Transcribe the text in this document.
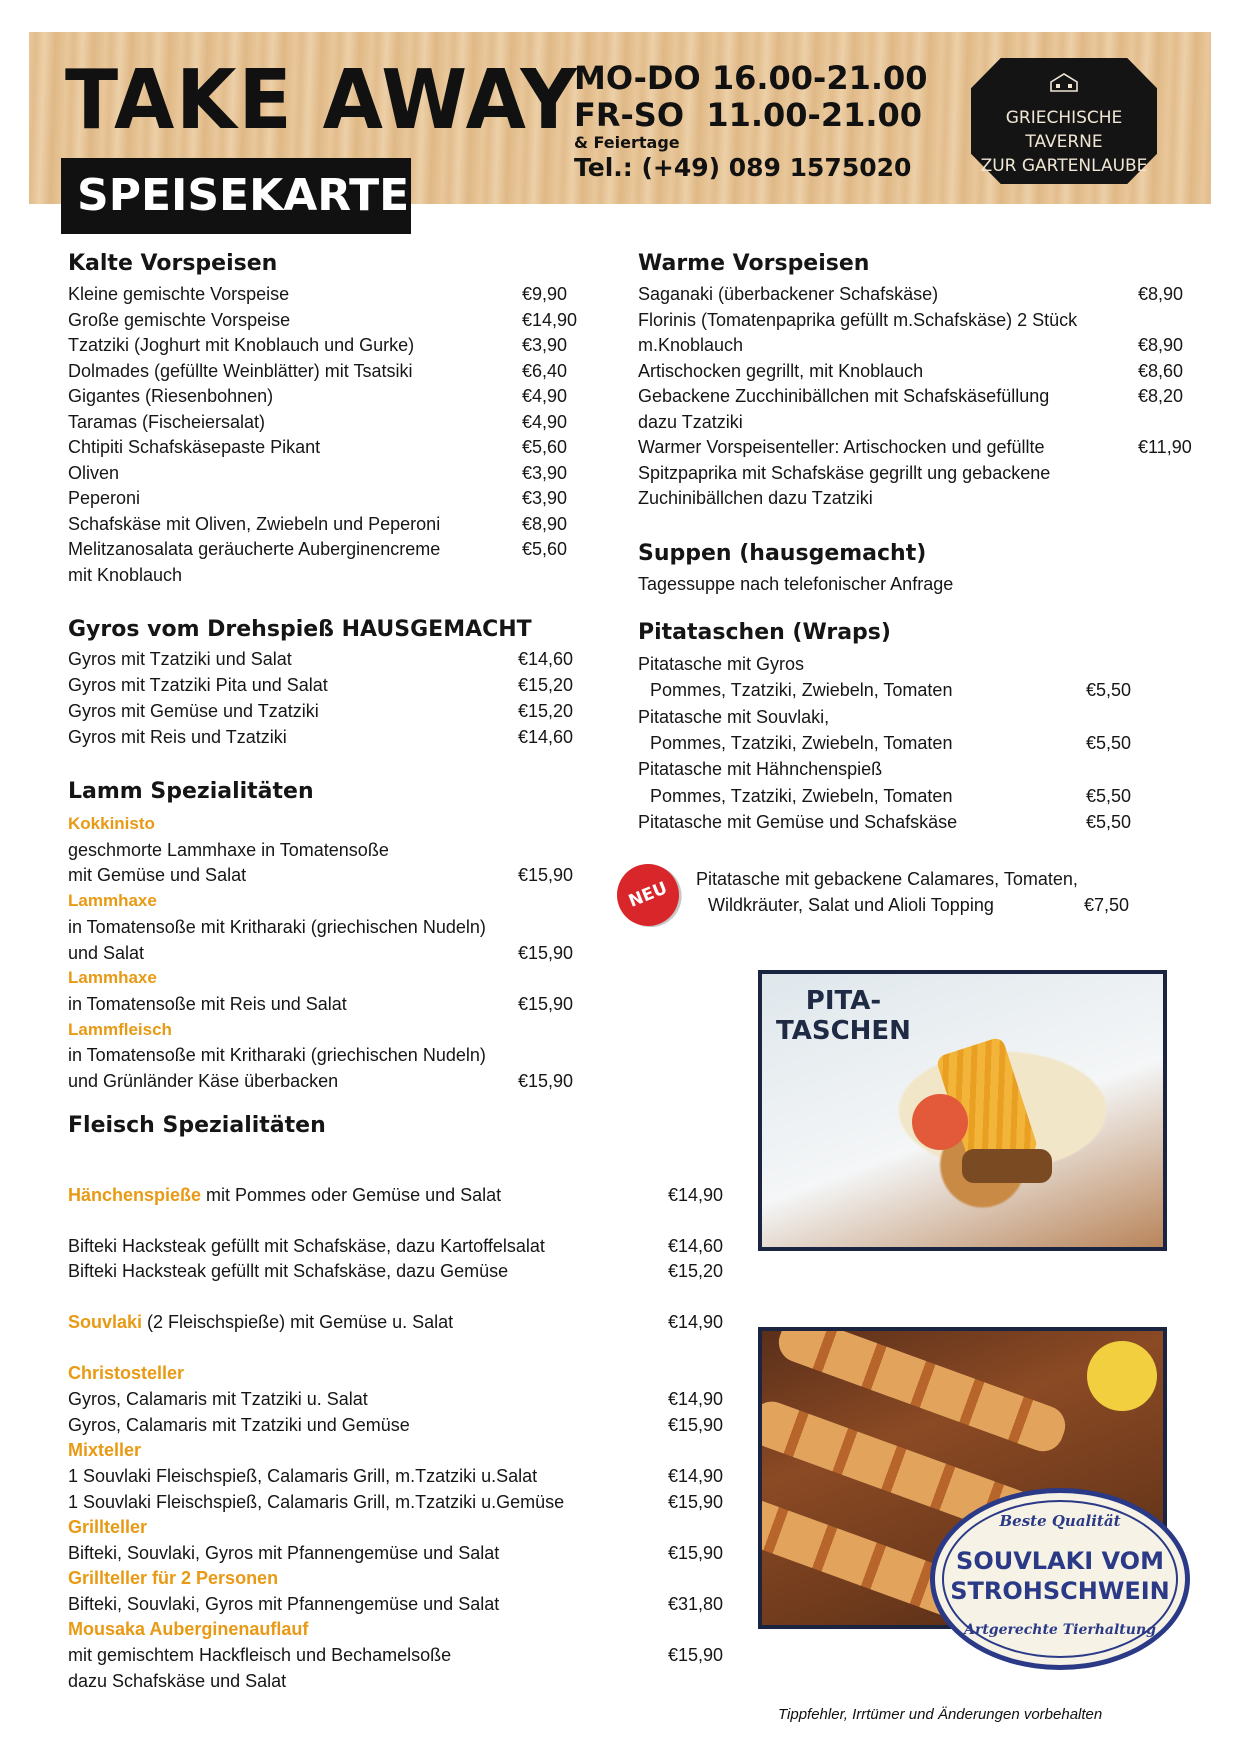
TAKE AWAY
SPEISEKARTE
MO-DO 16.00-21.00
FR-SO  11.00-21.00
& Feiertage
Tel.: (+49) 089 1575020
GRIECHISCHE TAVERNE
ZUR GARTENLAUBE
Kalte Vorspeisen
Kleine gemischte Vorspeise	€9,90
Große gemischte Vorspeise	€14,90
Tzatziki (Joghurt mit Knoblauch und Gurke)	€3,90
Dolmades (gefüllte Weinblätter) mit Tsatsiki	€6,40
Gigantes (Riesenbohnen)	€4,90
Taramas (Fischeiersalat)	€4,90
Chtipiti Schafskäsepaste Pikant	€5,60
Oliven	€3,90
Peperoni	€3,90
Schafskäse mit Oliven, Zwiebeln und Peperoni	€8,90
Melitzanosalata geräucherte Auberginencreme	€5,60
mit Knoblauch
Gyros vom Drehspieß HAUSGEMACHT
Gyros mit Tzatziki und Salat	€14,60
Gyros mit Tzatziki Pita und Salat	€15,20
Gyros mit Gemüse und Tzatziki	€15,20
Gyros mit Reis und Tzatziki	€14,60
Lamm Spezialitäten
Kokkinisto
geschmorte Lammhaxe in Tomatensoße
mit Gemüse und Salat	€15,90
Lammhaxe
in Tomatensoße mit Kritharaki (griechischen Nudeln)
und Salat	€15,90
Lammhaxe
in Tomatensoße mit Reis und Salat	€15,90
Lammfleisch
in Tomatensoße mit Kritharaki (griechischen Nudeln)
und Grünländer Käse überbacken	€15,90
Fleisch Spezialitäten
Hänchenspieße mit Pommes oder Gemüse und Salat	€14,90
Bifteki Hacksteak gefüllt mit Schafskäse, dazu Kartoffelsalat	€14,60
Bifteki Hacksteak gefüllt mit Schafskäse, dazu Gemüse	€15,20
Souvlaki (2 Fleischspieße) mit Gemüse u. Salat	€14,90
Christosteller
Gyros, Calamaris mit Tzatziki u. Salat	€14,90
Gyros, Calamaris mit Tzatziki und Gemüse	€15,90
Mixteller
1 Souvlaki Fleischspieß, Calamaris Grill, m.Tzatziki u.Salat	€14,90
1 Souvlaki Fleischspieß, Calamaris Grill, m.Tzatziki u.Gemüse	€15,90
Grillteller
Bifteki, Souvlaki, Gyros mit Pfannengemüse und Salat	€15,90
Grillteller für 2 Personen
Bifteki, Souvlaki, Gyros mit Pfannengemüse und Salat	€31,80
Mousaka Auberginenauflauf
mit gemischtem Hackfleisch und Bechamelsoße	€15,90
dazu Schafskäse und Salat
Warme Vorspeisen
Saganaki (überbackener Schafskäse)	€8,90
Florinis (Tomatenpaprika gefüllt m.Schafskäse) 2 Stück
m.Knoblauch	€8,90
Artischocken gegrillt, mit Knoblauch	€8,60
Gebackene Zucchinibällchen mit Schafskäsefüllung	€8,20
dazu Tzatziki
Warmer Vorspeisenteller: Artischocken und gefüllte	€11,90
Spitzpaprika mit Schafskäse gegrillt ung gebackene
Zuchinibällchen dazu Tzatziki
Suppen (hausgemacht)
Tagessuppe nach telefonischer Anfrage
Pitataschen (Wraps)
Pitatasche mit Gyros
Pommes, Tzatziki, Zwiebeln, Tomaten	€5,50
Pitatasche mit Souvlaki,
Pommes, Tzatziki, Zwiebeln, Tomaten	€5,50
Pitatasche mit Hähnchenspieß
Pommes, Tzatziki, Zwiebeln, Tomaten	€5,50
Pitatasche mit Gemüse und Schafskäse	€5,50
NEU	Pitatasche mit gebackene Calamares, Tomaten,
Wildkräuter, Salat und Alioli Topping	€7,50
PITA-
TASCHEN
Beste Qualität
SOUVLAKI VOM
STROHSCHWEIN
Artgerechte Tierhaltung
Tippfehler, Irrtümer und Änderungen vorbehalten
